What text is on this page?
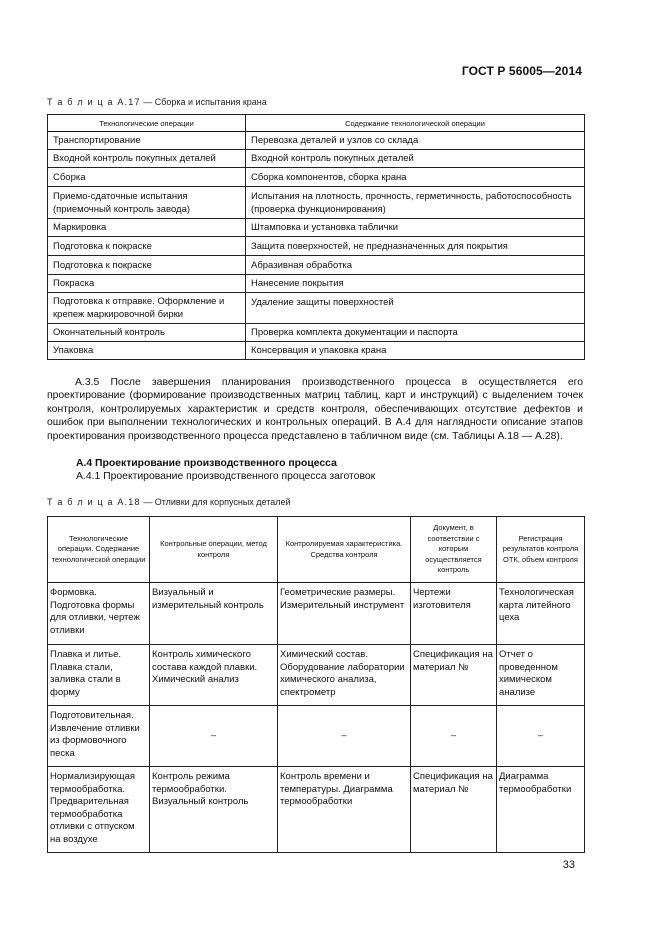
ГОСТ Р 56005—2014
Т а б л и ц а А.17 — Сборка и испытания крана
Технологические операции	Содержание технологической операции
Транспортирование	Перевозка деталей и узлов со склада
Входной контроль покупных деталей	Входной контроль покупных деталей
Сборка	Сборка компонентов, сборка крана
Приемо-сдаточные испытания (приемочный контроль завода)	Испытания на плотность, прочность, герметичность, работоспособность (проверка функционирования)
Маркировка	Штамповка и установка таблички
Подготовка к покраске	Защита поверхностей, не предназначенных для покрытия
Подготовка к покраске	Абразивная обработка
Покраска	Нанесение покрытия
Подготовка к отправке. Оформление и крепеж маркировочной бирки	Удаление защиты поверхностей
Окончательный контроль	Проверка комплекта документации и паспорта
Упаковка	Консервация и упаковка крана
А.3.5 После завершения планирования производственного процесса в осуществляется его проектирование (формирование производственных матриц таблиц, карт и инструкций) с выделением точек контроля, контролируемых характеристик и средств контроля, обеспечивающих отсутствие дефектов и ошибок при выполнении технологических и контрольных операций. В А.4 для наглядности описание этапов проектирования производственного процесса представлено в табличном виде (см. Таблицы А.18 — А.28).
А.4 Проектирование производственного процесса
А.4.1 Проектирование производственного процесса заготовок
Т а б л и ц а А.18 — Отливки для корпусных деталей
Технологические операции. Содержание технологической операции	Контрольные операции, метод контроля	Контролируемая характеристика. Средства контроля	Документ, в соответствии с которым осуществляется контроль	Регистрация результатов контроля ОТК, объем контроля
Формовка. Подготовка формы для отливки, чертеж отливки	Визуальный и измерительный контроль	Геометрические размеры. Измерительный инструмент	Чертежи изготовителя	Технологическая карта литейного цеха
Плавка и литье. Плавка стали, заливка стали в форму	Контроль химического состава каждой плавки. Химический анализ	Химический состав. Оборудование лаборатории химического анализа, спектрометр	Спецификация на материал №	Отчет о проведенном химическом анализе
Подготовительная. Извлечение отливки из формовочного песка	–	–	–	–
Нормализирующая термообработка. Предварительная термообработка отливки с отпуском на воздухе	Контроль режима термообработки. Визуальный контроль	Контроль времени и температуры. Диаграмма термообработки	Спецификация на материал №	Диаграмма термообработки
33
